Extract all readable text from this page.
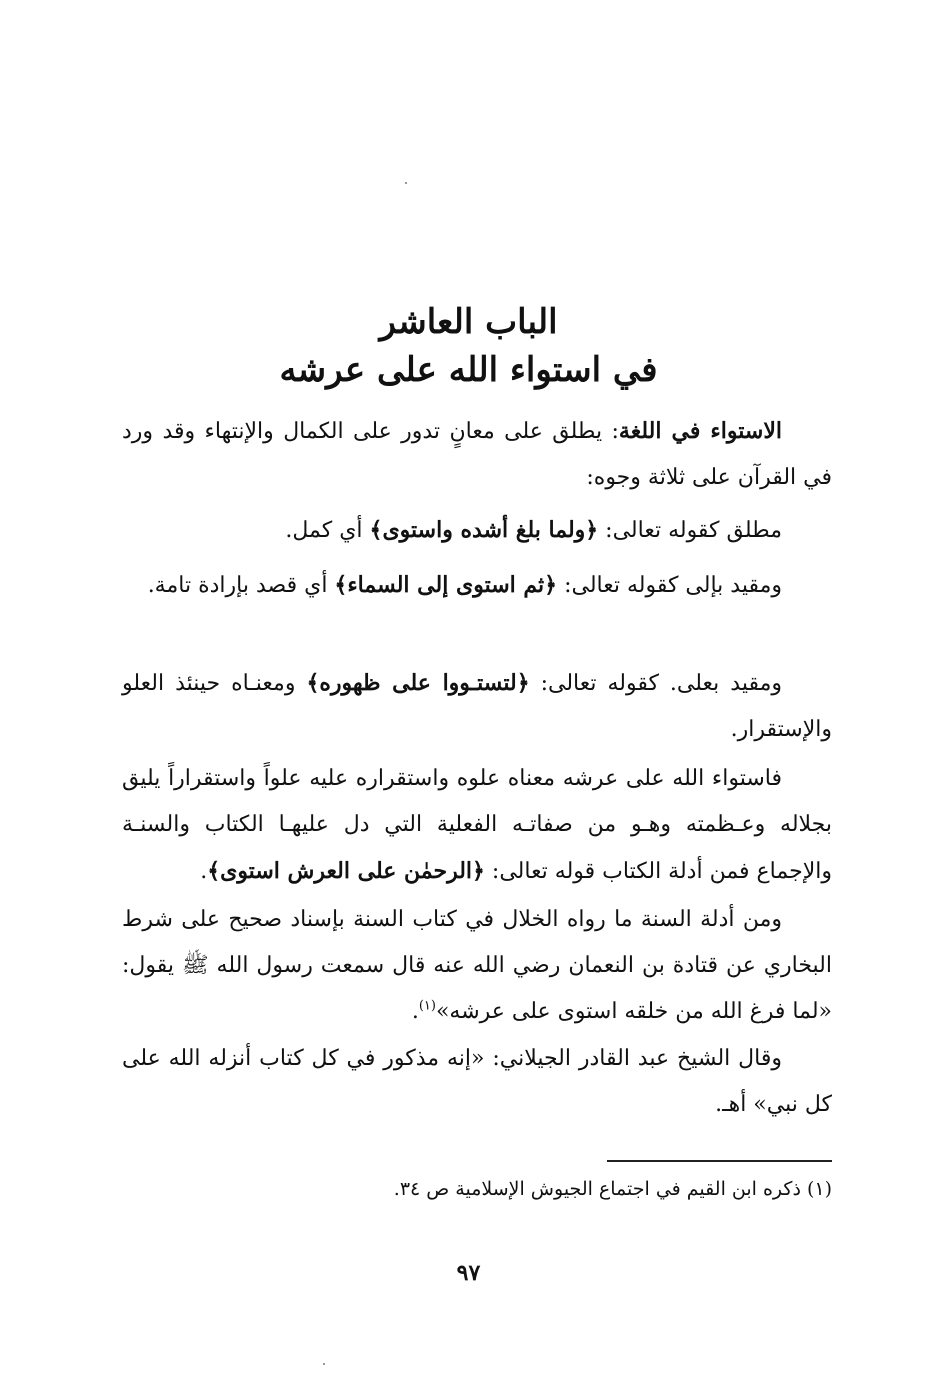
الباب العاشر
في استواء الله على عرشه
الاستواء في اللغة: يطلق على معانٍ تدور على الكمال والإنتهاء وقد ورد في القرآن على ثلاثة وجوه:
مطلق كقوله تعالى: ﴿ولما بلغ أشده واستوى﴾ أي كمل.
ومقيد بإلى كقوله تعالى: ﴿ثم استوى إلى السماء﴾ أي قصد بإرادة تامة.
ومقيد بعلى. كقوله تعالى: ﴿لتستـووا على ظهوره﴾ ومعنـاه حينئذ العلو والإستقرار.
فاستواء الله على عرشه معناه علوه واستقراره عليه علواً واستقراراً يليق بجلاله وعـظمته وهـو من صفاتـه الفعلية التي دل عليهـا الكتاب والسنـة والإجماع فمن أدلة الكتاب قوله تعالى: ﴿الرحمٰن على العرش استوى﴾.
ومن أدلة السنة ما رواه الخلال في كتاب السنة بإسناد صحيح على شرط البخاري عن قتادة بن النعمان رضي الله عنه قال سمعت رسول الله ﷺ يقول: «لما فرغ الله من خلقه استوى على عرشه»$^{(١)}$.
وقال الشيخ عبد القادر الجيلاني: «إنه مذكور في كل كتاب أنزله الله على كل نبي» أهـ.
(١) ذكره ابن القيم في اجتماع الجيوش الإسلامية ص ٣٤.
٩٧
